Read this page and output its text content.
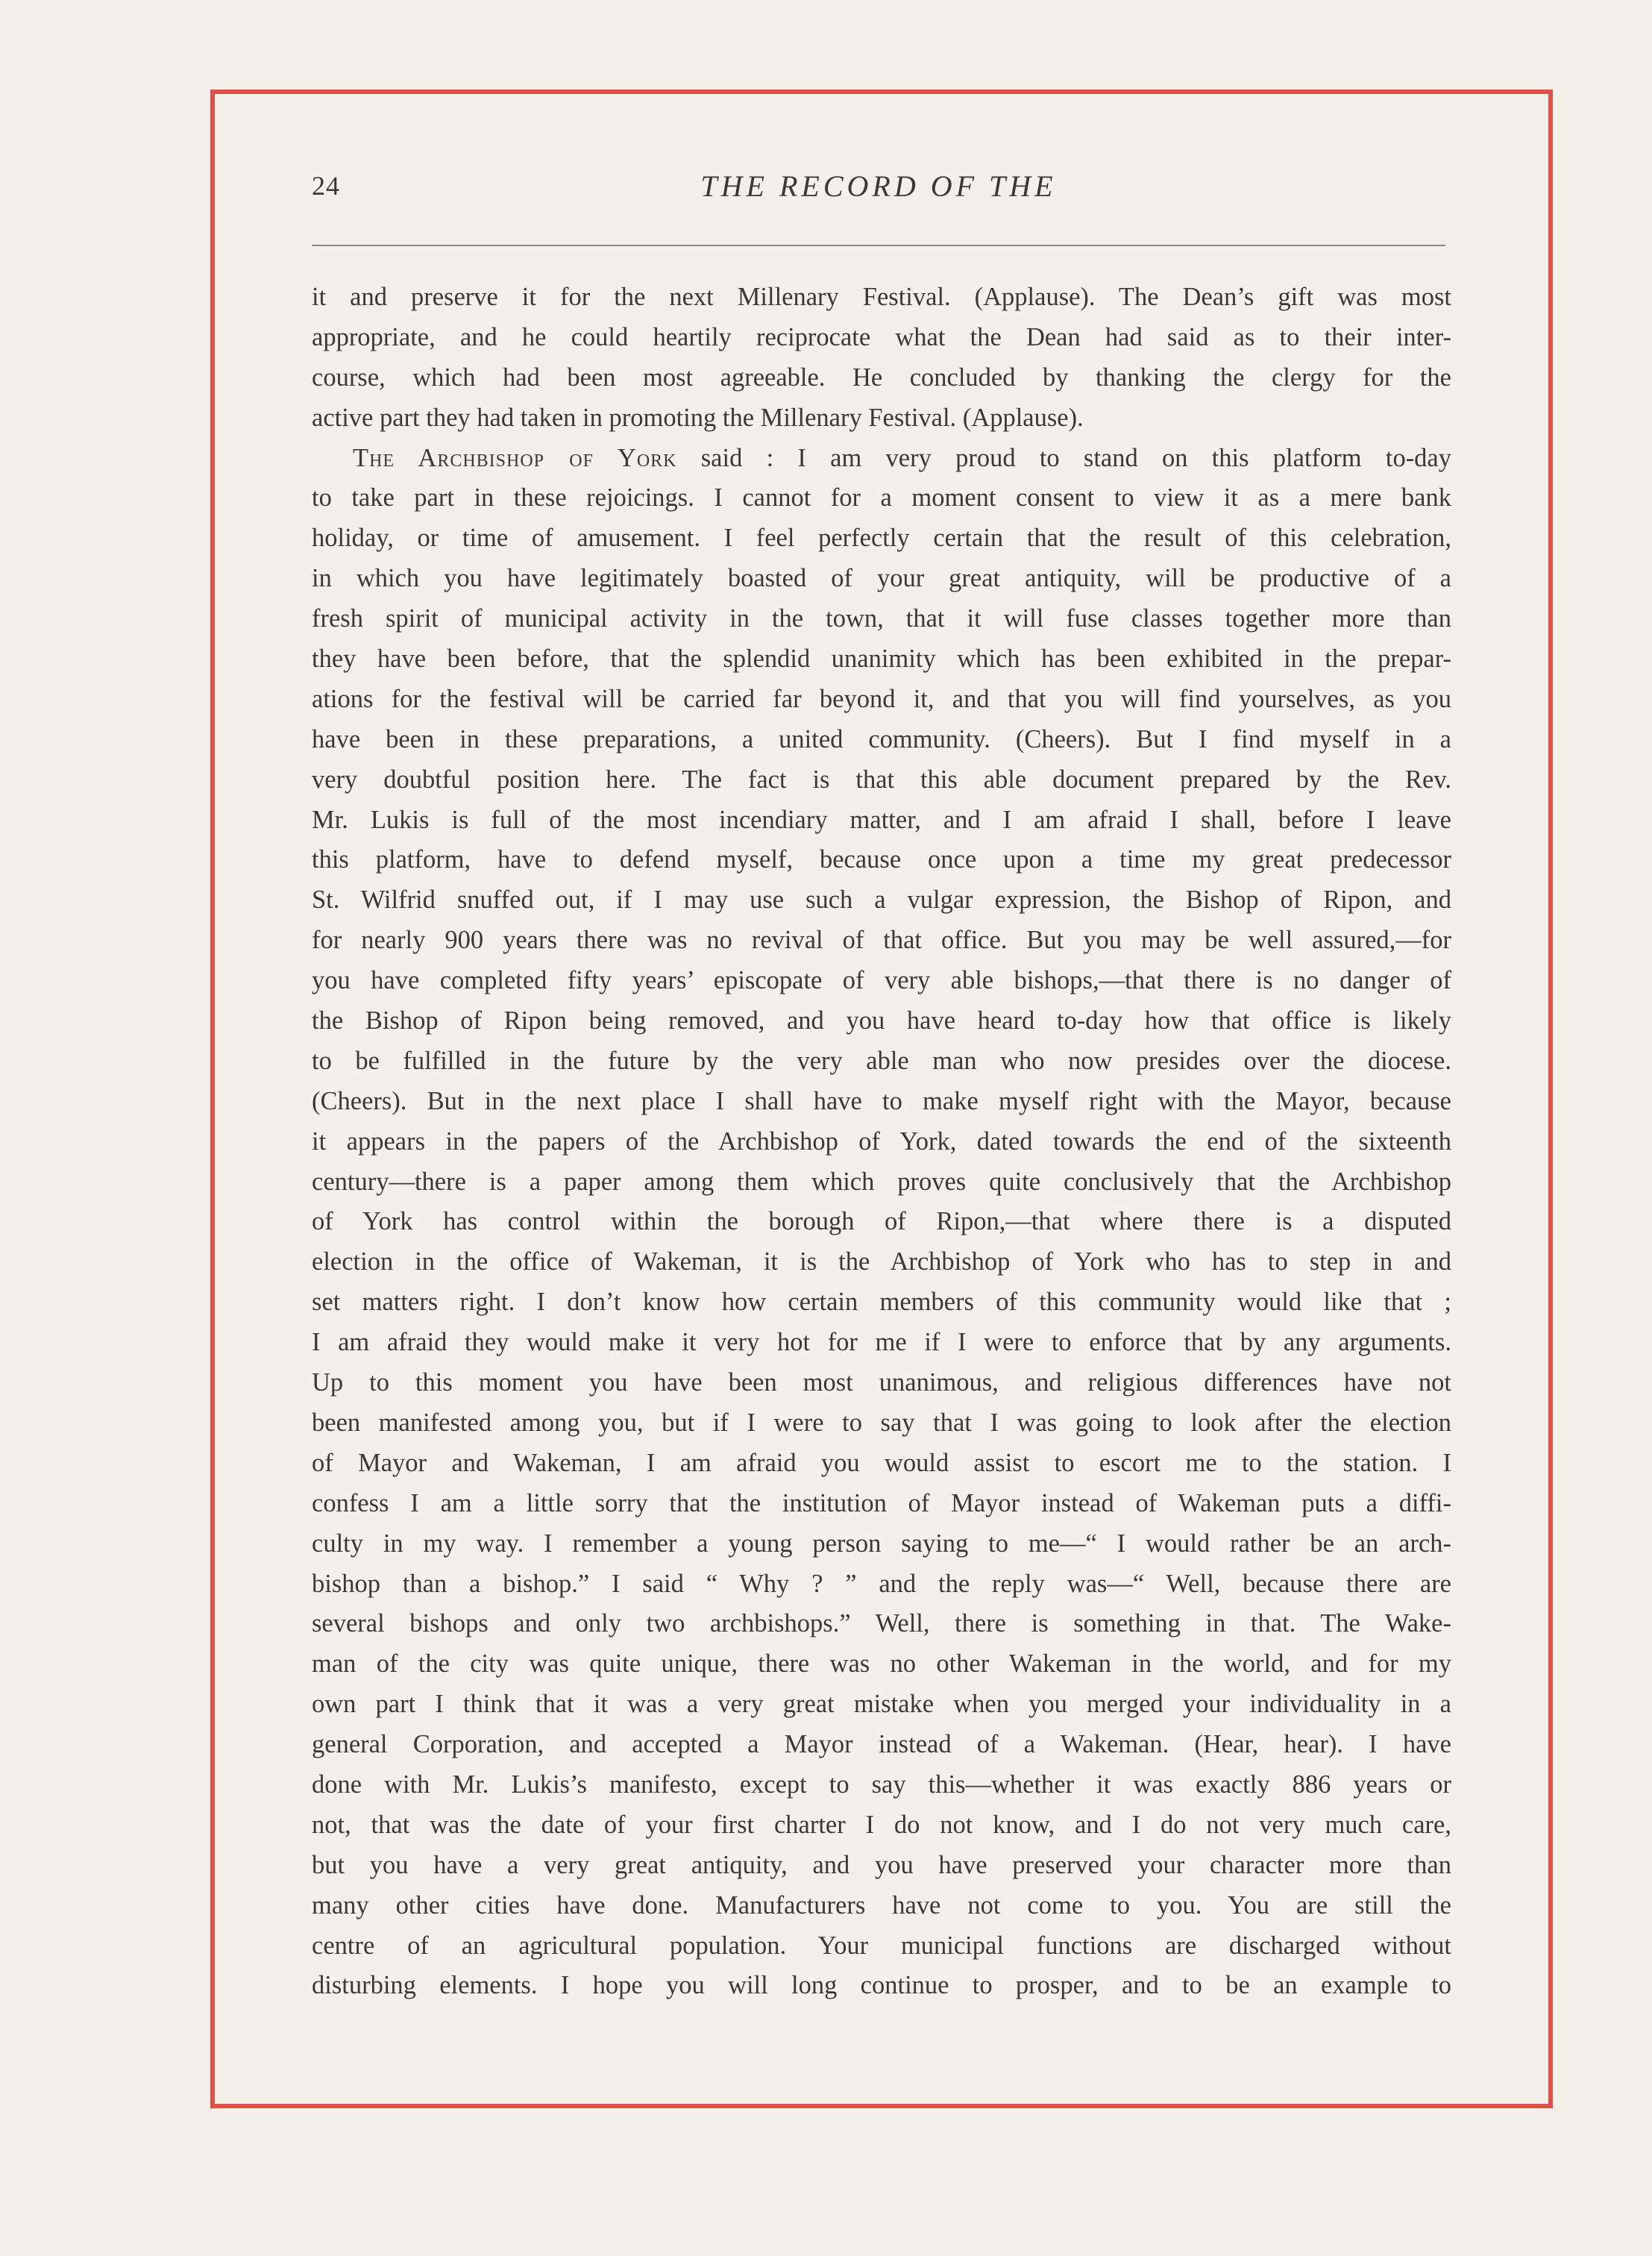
24	THE RECORD OF THE
it and preserve it for the next Millenary Festival. (Applause). The Dean’s gift was most
appropriate, and he could heartily reciprocate what the Dean had said as to their inter-
course, which had been most agreeable. He concluded by thanking the clergy for the
active part they had taken in promoting the Millenary Festival. (Applause).
The Archbishop of York said : I am very proud to stand on this platform to-day
to take part in these rejoicings. I cannot for a moment consent to view it as a mere bank
holiday, or time of amusement. I feel perfectly certain that the result of this celebration,
in which you have legitimately boasted of your great antiquity, will be productive of a
fresh spirit of municipal activity in the town, that it will fuse classes together more than
they have been before, that the splendid unanimity which has been exhibited in the prepar-
ations for the festival will be carried far beyond it, and that you will find yourselves, as you
have been in these preparations, a united community. (Cheers). But I find myself in a
very doubtful position here. The fact is that this able document prepared by the Rev.
Mr. Lukis is full of the most incendiary matter, and I am afraid I shall, before I leave
this platform, have to defend myself, because once upon a time my great predecessor
St. Wilfrid snuffed out, if I may use such a vulgar expression, the Bishop of Ripon, and
for nearly 900 years there was no revival of that office. But you may be well assured,—for
you have completed fifty years’ episcopate of very able bishops,—that there is no danger of
the Bishop of Ripon being removed, and you have heard to-day how that office is likely
to be fulfilled in the future by the very able man who now presides over the diocese.
(Cheers). But in the next place I shall have to make myself right with the Mayor, because
it appears in the papers of the Archbishop of York, dated towards the end of the sixteenth
century—there is a paper among them which proves quite conclusively that the Archbishop
of York has control within the borough of Ripon,—that where there is a disputed
election in the office of Wakeman, it is the Archbishop of York who has to step in and
set matters right. I don’t know how certain members of this community would like that ;
I am afraid they would make it very hot for me if I were to enforce that by any arguments.
Up to this moment you have been most unanimous, and religious differences have not
been manifested among you, but if I were to say that I was going to look after the election
of Mayor and Wakeman, I am afraid you would assist to escort me to the station. I
confess I am a little sorry that the institution of Mayor instead of Wakeman puts a diffi-
culty in my way. I remember a young person saying to me—“ I would rather be an arch-
bishop than a bishop.” I said “ Why ? ” and the reply was—“ Well, because there are
several bishops and only two archbishops.” Well, there is something in that. The Wake-
man of the city was quite unique, there was no other Wakeman in the world, and for my
own part I think that it was a very great mistake when you merged your individuality in a
general Corporation, and accepted a Mayor instead of a Wakeman. (Hear, hear). I have
done with Mr. Lukis’s manifesto, except to say this—whether it was exactly 886 years or
not, that was the date of your first charter I do not know, and I do not very much care,
but you have a very great antiquity, and you have preserved your character more than
many other cities have done. Manufacturers have not come to you. You are still the
centre of an agricultural population. Your municipal functions are discharged without
disturbing elements. I hope you will long continue to prosper, and to be an example to
